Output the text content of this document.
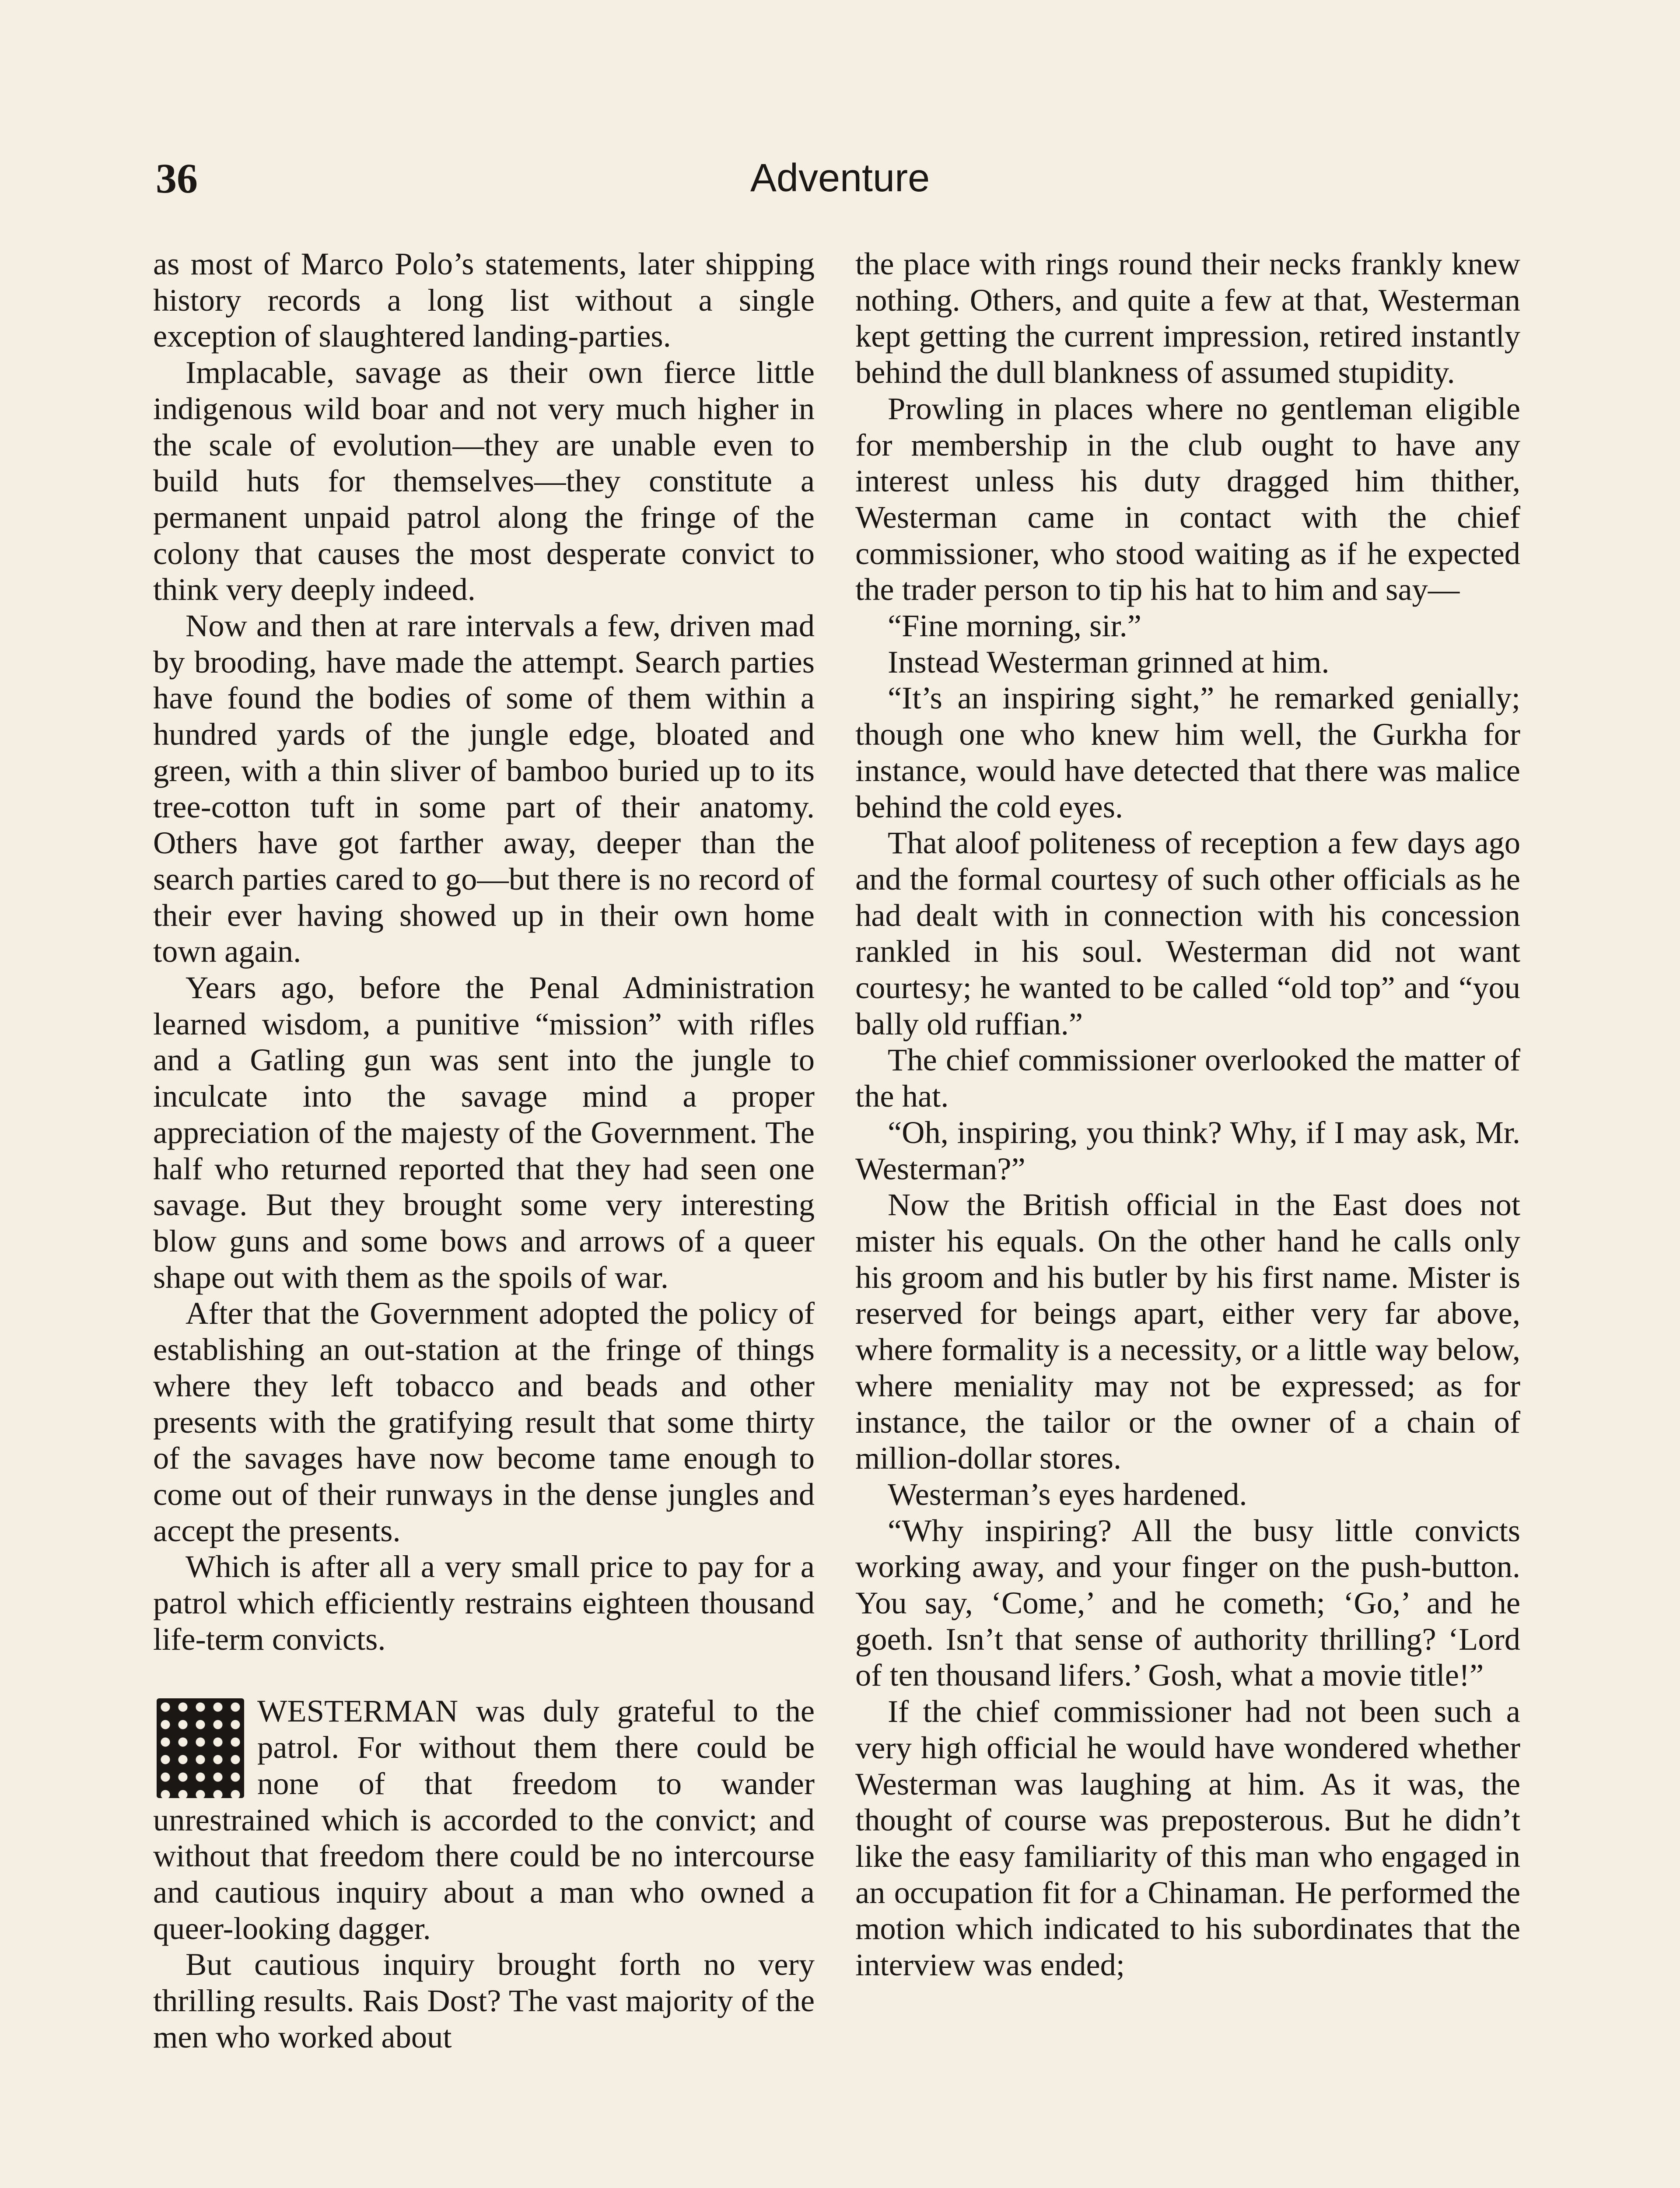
36	Adventure

as most of Marco Polo’s statements, later shipping history records a long list without a single exception of slaughtered landing-parties.

Implacable, savage as their own fierce little indigenous wild boar and not very much higher in the scale of evolution—they are unable even to build huts for themselves—they constitute a permanent unpaid patrol along the fringe of the colony that causes the most desperate convict to think very deeply indeed.

Now and then at rare intervals a few, driven mad by brooding, have made the attempt. Search parties have found the bodies of some of them within a hundred yards of the jungle edge, bloated and green, with a thin sliver of bamboo buried up to its tree-cotton tuft in some part of their anatomy. Others have got farther away, deeper than the search parties cared to go—but there is no record of their ever having showed up in their own home town again.

Years ago, before the Penal Administration learned wisdom, a punitive “mission” with rifles and a Gatling gun was sent into the jungle to inculcate into the savage mind a proper appreciation of the majesty of the Government. The half who returned reported that they had seen one savage. But they brought some very interesting blow guns and some bows and arrows of a queer shape out with them as the spoils of war.

After that the Government adopted the policy of establishing an out-station at the fringe of things where they left tobacco and beads and other presents with the gratifying result that some thirty of the savages have now become tame enough to come out of their runways in the dense jungles and accept the presents.

Which is after all a very small price to pay for a patrol which efficiently restrains eighteen thousand life-term convicts.

WESTERMAN was duly grateful to the patrol. For without them there could be none of that freedom to wander unrestrained which is accorded to the convict; and without that freedom there could be no intercourse and cautious inquiry about a man who owned a queer-looking dagger.

But cautious inquiry brought forth no very thrilling results. Rais Dost? The vast majority of the men who worked about

the place with rings round their necks frankly knew nothing. Others, and quite a few at that, Westerman kept getting the current impression, retired instantly behind the dull blankness of assumed stupidity.

Prowling in places where no gentleman eligible for membership in the club ought to have any interest unless his duty dragged him thither, Westerman came in contact with the chief commissioner, who stood waiting as if he expected the trader person to tip his hat to him and say—

“Fine morning, sir.”

Instead Westerman grinned at him.

“It’s an inspiring sight,” he remarked genially; though one who knew him well, the Gurkha for instance, would have detected that there was malice behind the cold eyes.

That aloof politeness of reception a few days ago and the formal courtesy of such other officials as he had dealt with in connection with his concession rankled in his soul. Westerman did not want courtesy; he wanted to be called “old top” and “you bally old ruffian.”

The chief commissioner overlooked the matter of the hat.

“Oh, inspiring, you think? Why, if I may ask, Mr. Westerman?”

Now the British official in the East does not mister his equals. On the other hand he calls only his groom and his butler by his first name. Mister is reserved for beings apart, either very far above, where formality is a necessity, or a little way below, where meniality may not be expressed; as for instance, the tailor or the owner of a chain of million-dollar stores.

Westerman’s eyes hardened.

“Why inspiring? All the busy little convicts working away, and your finger on the push-button. You say, ‘Come,’ and he cometh; ‘Go,’ and he goeth. Isn’t that sense of authority thrilling? ‘Lord of ten thousand lifers.’ Gosh, what a movie title!”

If the chief commissioner had not been such a very high official he would have wondered whether Westerman was laughing at him. As it was, the thought of course was preposterous. But he didn’t like the easy familiarity of this man who engaged in an occupation fit for a Chinaman. He performed the motion which indicated to his subordinates that the interview was ended;
